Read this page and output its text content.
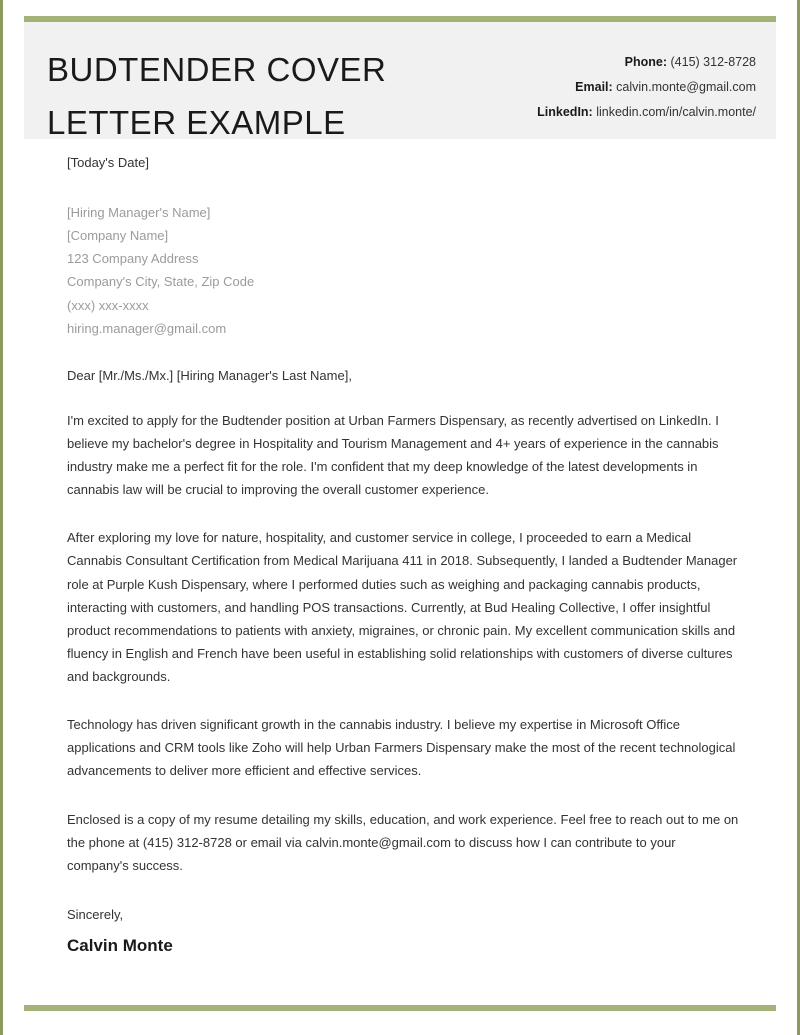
BUDTENDER COVER LETTER EXAMPLE
Phone: (415) 312-8728
Email: calvin.monte@gmail.com
LinkedIn: linkedin.com/in/calvin.monte/
[Today's Date]
[Hiring Manager's Name]
[Company Name]
123 Company Address
Company's City, State, Zip Code
(xxx) xxx-xxxx
hiring.manager@gmail.com
Dear [Mr./Ms./Mx.] [Hiring Manager's Last Name],

I'm excited to apply for the Budtender position at Urban Farmers Dispensary, as recently advertised on LinkedIn. I believe my bachelor's degree in Hospitality and Tourism Management and 4+ years of experience in the cannabis industry make me a perfect fit for the role. I'm confident that my deep knowledge of the latest developments in cannabis law will be crucial to improving the overall customer experience.

After exploring my love for nature, hospitality, and customer service in college, I proceeded to earn a Medical Cannabis Consultant Certification from Medical Marijuana 411 in 2018. Subsequently, I landed a Budtender Manager role at Purple Kush Dispensary, where I performed duties such as weighing and packaging cannabis products, interacting with customers, and handling POS transactions. Currently, at Bud Healing Collective, I offer insightful product recommendations to patients with anxiety, migraines, or chronic pain. My excellent communication skills and fluency in English and French have been useful in establishing solid relationships with customers of diverse cultures and backgrounds.

Technology has driven significant growth in the cannabis industry. I believe my expertise in Microsoft Office applications and CRM tools like Zoho will help Urban Farmers Dispensary make the most of the recent technological advancements to deliver more efficient and effective services.

Enclosed is a copy of my resume detailing my skills, education, and work experience. Feel free to reach out to me on the phone at (415) 312-8728 or email via calvin.monte@gmail.com to discuss how I can contribute to your company's success.

Sincerely,
Calvin Monte
